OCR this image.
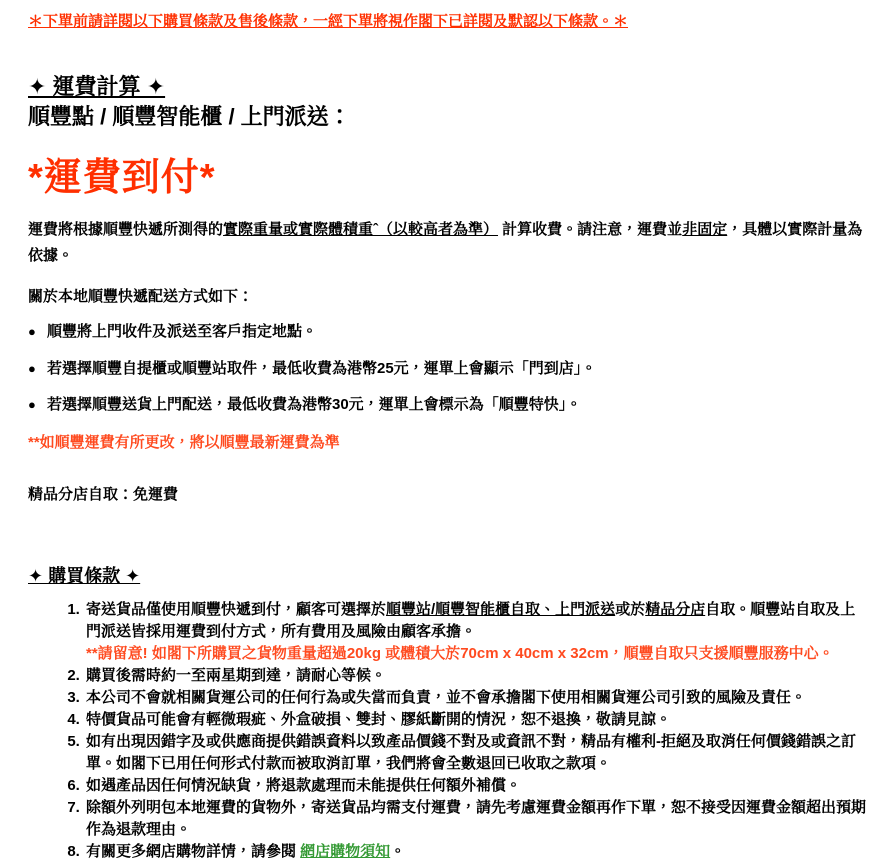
＊下單前請詳閱以下購買條款及售後條款，一經下單將視作閣下已詳閱及默認以下條款。＊

✦ 運費計算 ✦
順豐點 / 順豐智能櫃 / 上門派送：
*運費到付*

運費將根據順豐快遞所測得的實際重量或實際體積重ˆ（以較高者為準） 計算收費。請注意，運費並非固定，具體以實際計量為依據。

關於本地順豐快遞配送方式如下：

● 順豐將上門收件及派送至客戶指定地點。
● 若選擇順豐自提櫃或順豐站取件，最低收費為港幣25元，運單上會顯示「門到店」。
● 若選擇順豐送貨上門配送，最低收費為港幣30元，運單上會標示為「順豐特快」。

**如順豐運費有所更改，將以順豐最新運費為準

精品分店自取：免運費

✦ 購買條款 ✦
1. 寄送貨品僅使用順豐快遞到付，顧客可選擇於順豐站/順豐智能櫃自取、上門派送或於精品分店自取。順豐站自取及上門派送皆採用運費到付方式，所有費用及風險由顧客承擔。
**請留意! 如閣下所購買之貨物重量超過20kg 或體積大於70cm x 40cm x 32cm，順豐自取只支援順豐服務中心。
2. 購買後需時約一至兩星期到達，請耐心等候。
3. 本公司不會就相關貨運公司的任何行為或失當而負責，並不會承擔閣下使用相關貨運公司引致的風險及責任。
4. 特價貨品可能會有輕微瑕疵、外盒破損、雙封、膠紙斷開的情況，恕不退換，敬請見諒。
5. 如有出現因錯字及或供應商提供錯誤資料以致產品價錢不對及或資訊不對，精品有權利-拒絕及取消任何價錢錯誤之訂單。如閣下已用任何形式付款而被取消訂單，我們將會全數退回已收取之款項。
6. 如遇產品因任何情況缺貨，將退款處理而未能提供任何額外補償。
7. 除額外列明包本地運費的貨物外，寄送貨品均需支付運費，請先考慮運費金額再作下單，恕不接受因運費金額超出預期作為退款理由。
8. 有關更多網店購物詳情，請參閱 網店購物須知。
